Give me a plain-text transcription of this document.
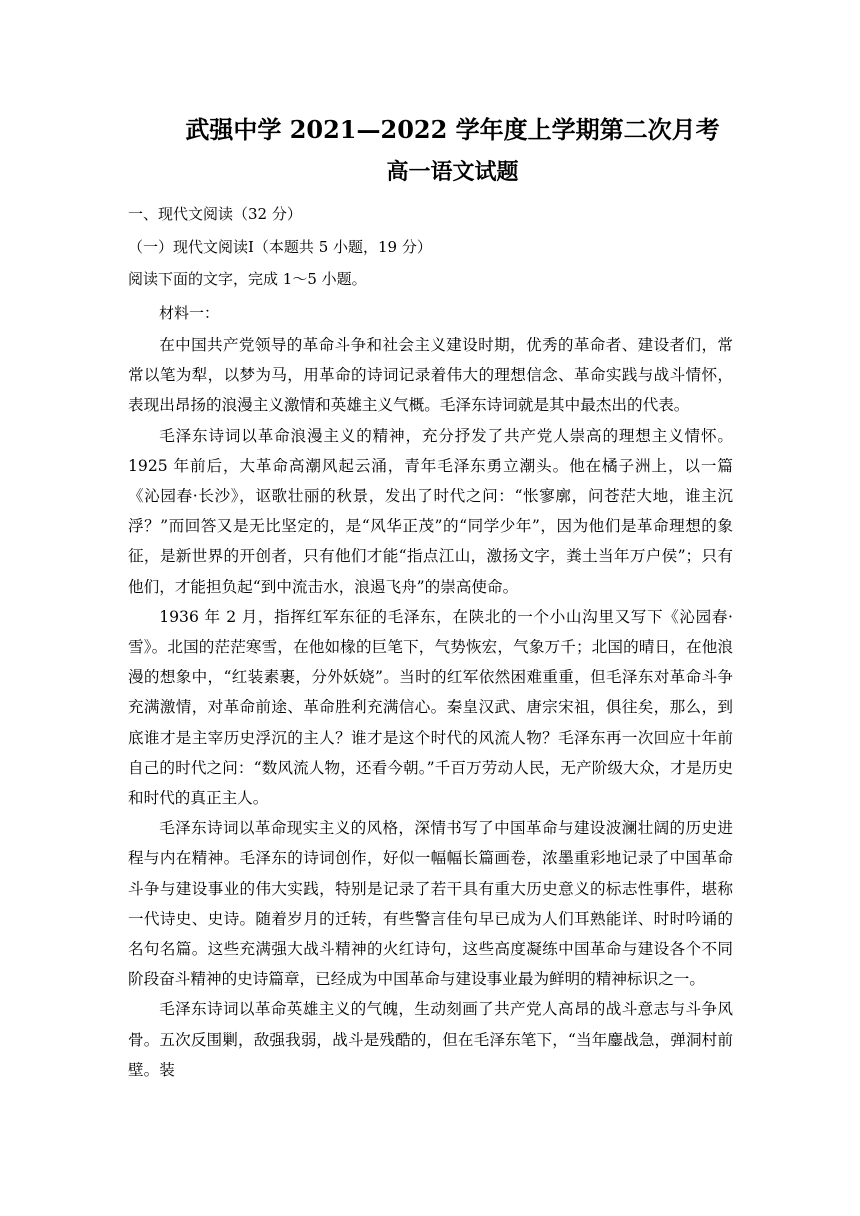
武强中学 2021—2022 学年度上学期第二次月考
高一语文试题
一、现代文阅读（32 分）
（一）现代文阅读Ⅰ（本题共 5 小题，19 分）
阅读下面的文字，完成 1～5 小题。
材料一：

在中国共产党领导的革命斗争和社会主义建设时期，优秀的革命者、建设者们，常常以笔为犁，以梦为马，用革命的诗词记录着伟大的理想信念、革命实践与战斗情怀，表现出昂扬的浪漫主义激情和英雄主义气概。毛泽东诗词就是其中最杰出的代表。

毛泽东诗词以革命浪漫主义的精神，充分抒发了共产党人崇高的理想主义情怀。1925 年前后，大革命高潮风起云涌，青年毛泽东勇立潮头。他在橘子洲上，以一篇《沁园春·长沙》，讴歌壮丽的秋景，发出了时代之问：“怅寥廓，问苍茫大地，谁主沉浮？”而回答又是无比坚定的，是“风华正茂”的“同学少年”，因为他们是革命理想的象征，是新世界的开创者，只有他们才能“指点江山，激扬文字，粪土当年万户侯”；只有他们，才能担负起“到中流击水，浪遏飞舟”的崇高使命。

1936 年 2 月，指挥红军东征的毛泽东，在陕北的一个小山沟里又写下《沁园春·雪》。北国的茫茫寒雪，在他如椽的巨笔下，气势恢宏，气象万千；北国的晴日，在他浪漫的想象中，“红装素裹，分外妖娆”。当时的红军依然困难重重，但毛泽东对革命斗争充满激情，对革命前途、革命胜利充满信心。秦皇汉武、唐宗宋祖，俱往矣，那么，到底谁才是主宰历史浮沉的主人？谁才是这个时代的风流人物？毛泽东再一次回应十年前自己的时代之问：“数风流人物，还看今朝。”千百万劳动人民，无产阶级大众，才是历史和时代的真正主人。

毛泽东诗词以革命现实主义的风格，深情书写了中国革命与建设波澜壮阔的历史进程与内在精神。毛泽东的诗词创作，好似一幅幅长篇画卷，浓墨重彩地记录了中国革命斗争与建设事业的伟大实践，特别是记录了若干具有重大历史意义的标志性事件，堪称一代诗史、史诗。随着岁月的迁转，有些警言佳句早已成为人们耳熟能详、时时吟诵的名句名篇。这些充满强大战斗精神的火红诗句，这些高度凝练中国革命与建设各个不同阶段奋斗精神的史诗篇章，已经成为中国革命与建设事业最为鲜明的精神标识之一。

毛泽东诗词以革命英雄主义的气魄，生动刻画了共产党人高昂的战斗意志与斗争风骨。五次反围剿，敌强我弱，战斗是残酷的，但在毛泽东笔下，“当年鏖战急，弹洞村前壁。装
